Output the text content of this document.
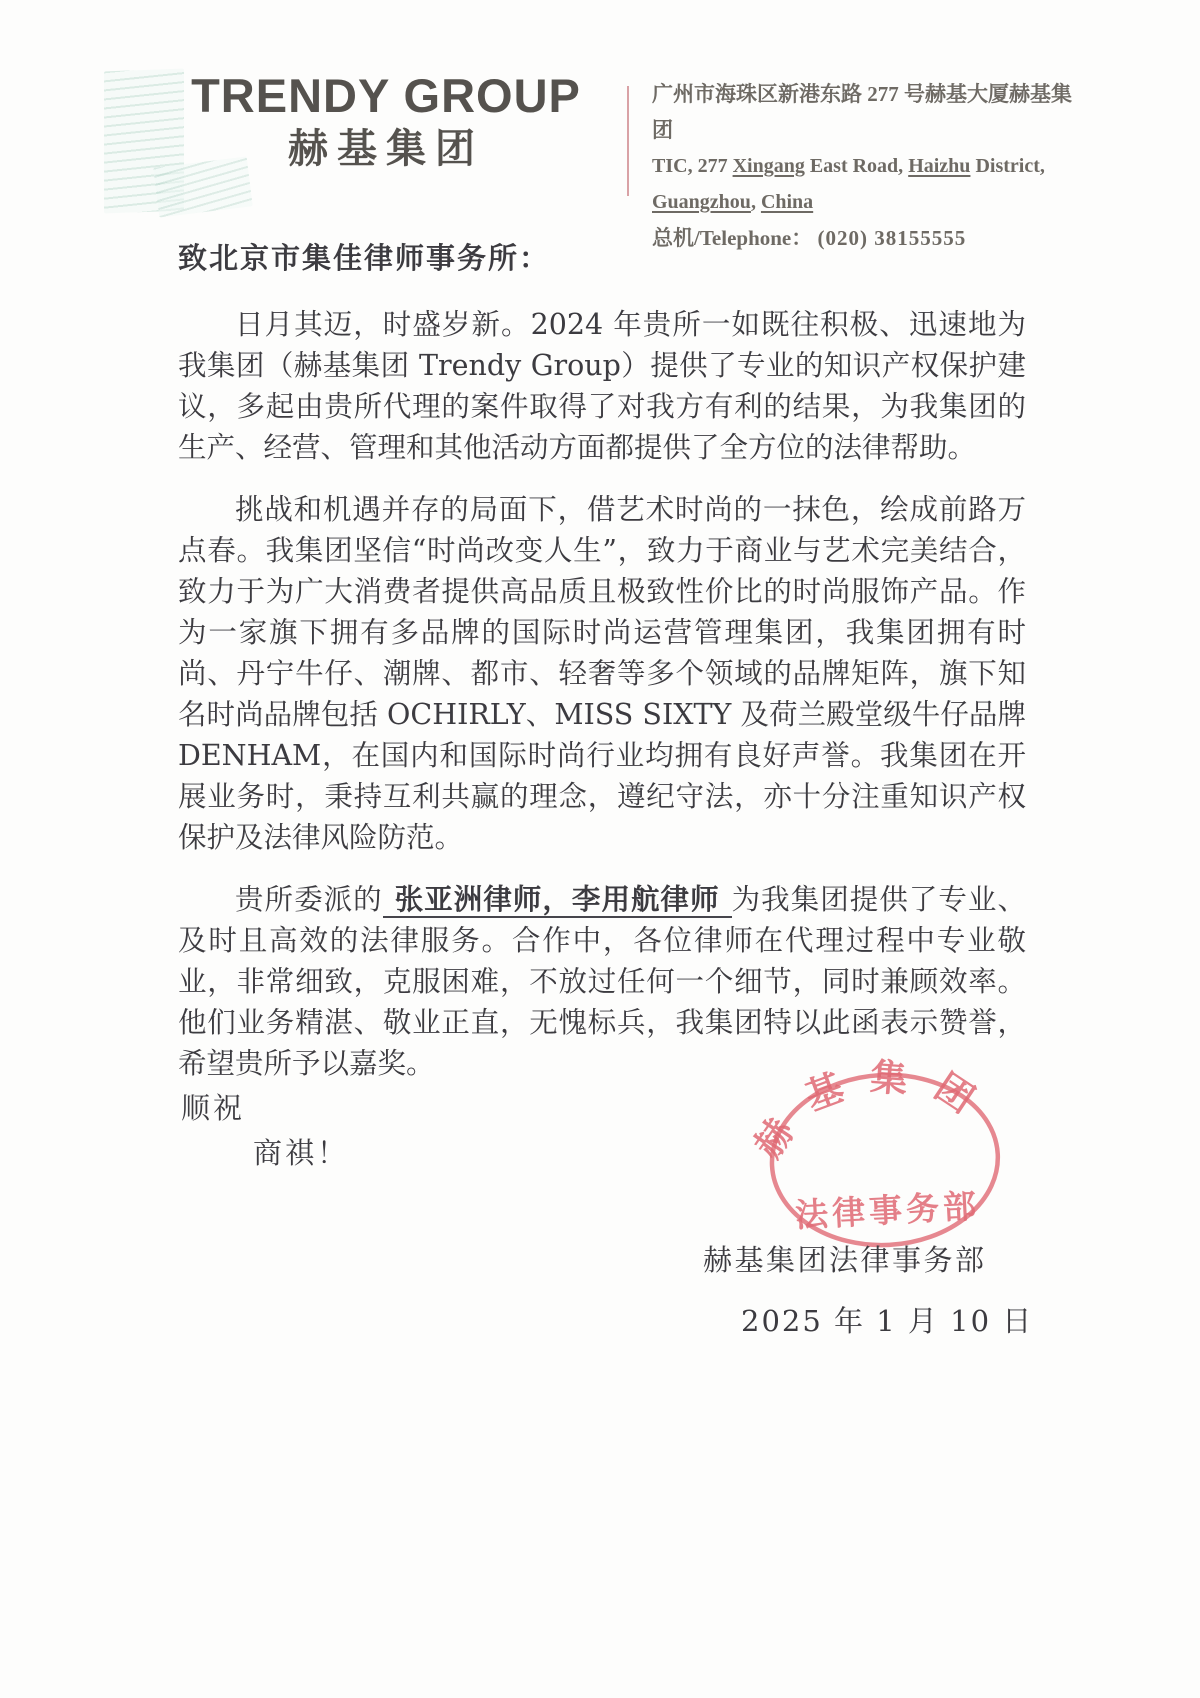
TRENDY GROUP
赫基集团
广州市海珠区新港东路 277 号赫基大厦赫基集团
TIC, 277 Xingang East Road, Haizhu District, Guangzhou, China
总机/Telephone： (020) 38155555
致北京市集佳律师事务所：

日月其迈，时盛岁新。2024 年贵所一如既往积极、迅速地为我集团（赫基集团 Trendy Group）提供了专业的知识产权保护建议，多起由贵所代理的案件取得了对我方有利的结果，为我集团的生产、经营、管理和其他活动方面都提供了全方位的法律帮助。

挑战和机遇并存的局面下，借艺术时尚的一抹色，绘成前路万点春。我集团坚信“时尚改变人生”，致力于商业与艺术完美结合，致力于为广大消费者提供高品质且极致性价比的时尚服饰产品。作为一家旗下拥有多品牌的国际时尚运营管理集团，我集团拥有时尚、丹宁牛仔、潮牌、都市、轻奢等多个领域的品牌矩阵，旗下知名时尚品牌包括 OCHIRLY、MISS SIXTY 及荷兰殿堂级牛仔品牌 DENHAM，在国内和国际时尚行业均拥有良好声誉。我集团在开展业务时，秉持互利共赢的理念，遵纪守法，亦十分注重知识产权保护及法律风险防范。

贵所委派的 张亚洲律师，李用航律师 为我集团提供了专业、及时且高效的法律服务。合作中，各位律师在代理过程中专业敬业，非常细致，克服困难，不放过任何一个细节，同时兼顾效率。他们业务精湛、敬业正直，无愧标兵，我集团特以此函表示赞誉，希望贵所予以嘉奖。

顺祝
商祺！	赫基集团
法律事务部
赫基集团法律事务部
2025 年 1 月 10 日
